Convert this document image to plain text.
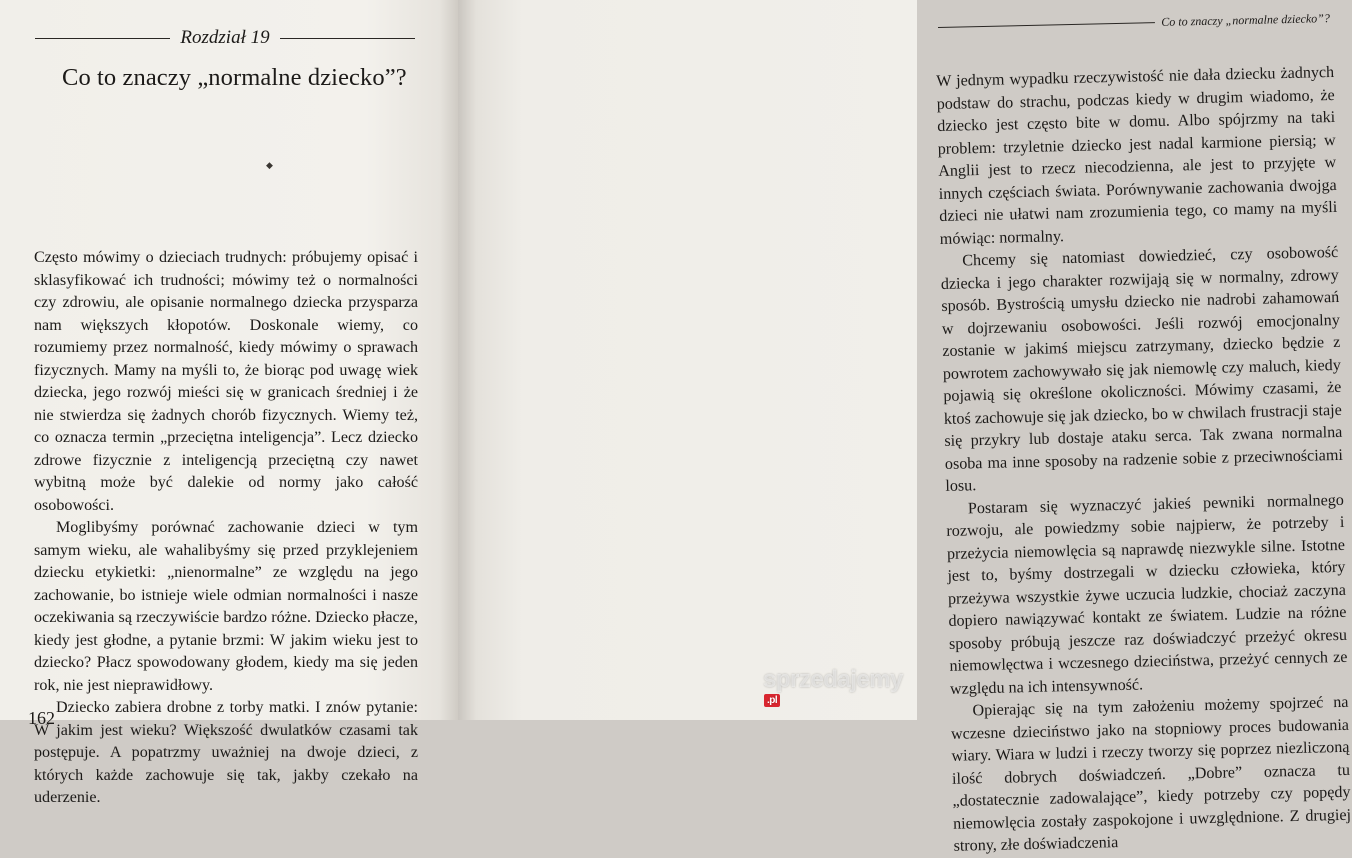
Rozdział 19
Co to znaczy „normalne dziecko”?
◆

Często mówimy o dzieciach trudnych: próbujemy opisać i sklasyfikować ich trudności; mówimy też o normalności czy zdrowiu, ale opisanie normalnego dziecka przysparza nam większych kłopotów. Doskonale wiemy, co rozumiemy przez normalność, kiedy mówimy o sprawach fizycznych. Mamy na myśli to, że biorąc pod uwagę wiek dziecka, jego rozwój mieści się w granicach średniej i że nie stwierdza się żadnych chorób fizycznych. Wiemy też, co oznacza termin „przeciętna inteligencja”. Lecz dziecko zdrowe fizycznie z inteligencją przeciętną czy nawet wybitną może być dalekie od normy jako całość osobowości.

Moglibyśmy porównać zachowanie dzieci w tym samym wieku, ale wahalibyśmy się przed przyklejeniem dziecku etykietki: „nienormalne” ze względu na jego zachowanie, bo istnieje wiele odmian normalności i nasze oczekiwania są rzeczywiście bardzo różne. Dziecko płacze, kiedy jest głodne, a pytanie brzmi: W jakim wieku jest to dziecko? Płacz spowodowany głodem, kiedy ma się jeden rok, nie jest nieprawidłowy.

Dziecko zabiera drobne z torby matki. I znów pytanie: W jakim jest wieku? Większość dwulatków czasami tak postępuje. A popatrzmy uważniej na dwoje dzieci, z których każde zachowuje się tak, jakby czekało na uderzenie.

162
Co to znaczy „normalne dziecko”?

W jednym wypadku rzeczywistość nie dała dziecku żadnych podstaw do strachu, podczas kiedy w drugim wiadomo, że dziecko jest często bite w domu. Albo spójrzmy na taki problem: trzyletnie dziecko jest nadal karmione piersią; w Anglii jest to rzecz niecodzienna, ale jest to przyjęte w innych częściach świata. Porównywanie zachowania dwojga dzieci nie ułatwi nam zrozumienia tego, co mamy na myśli mówiąc: normalny.

Chcemy się natomiast dowiedzieć, czy osobowość dziecka i jego charakter rozwijają się w normalny, zdrowy sposób. Bystrością umysłu dziecko nie nadrobi zahamowań w dojrzewaniu osobowości. Jeśli rozwój emocjonalny zostanie w jakimś miejscu zatrzymany, dziecko będzie z powrotem zachowywało się jak niemowlę czy maluch, kiedy pojawią się określone okoliczności. Mówimy czasami, że ktoś zachowuje się jak dziecko, bo w chwilach frustracji staje się przykry lub dostaje ataku serca. Tak zwana normalna osoba ma inne sposoby na radzenie sobie z przeciwnościami losu.

Postaram się wyznaczyć jakieś pewniki normalnego rozwoju, ale powiedzmy sobie najpierw, że potrzeby i przeżycia niemowlęcia są naprawdę niezwykle silne. Istotne jest to, byśmy dostrzegali w dziecku człowieka, który przeżywa wszystkie żywe uczucia ludzkie, chociaż zaczyna dopiero nawiązywać kontakt ze światem. Ludzie na różne sposoby próbują jeszcze raz doświadczyć przeżyć okresu niemowlęctwa i wczesnego dzieciństwa, przeżyć cennych ze względu na ich intensywność.

Opierając się na tym założeniu możemy spojrzeć na wczesne dzieciństwo jako na stopniowy proces budowania wiary. Wiara w ludzi i rzeczy tworzy się poprzez niezliczoną ilość dobrych doświadczeń. „Dobre” oznacza tu „dostatecznie zadowalające”, kiedy potrzeby czy popędy niemowlęcia zostały zaspokojone i uwzględnione. Z drugiej strony, złe doświadczenia

sprzedajemy.pl
